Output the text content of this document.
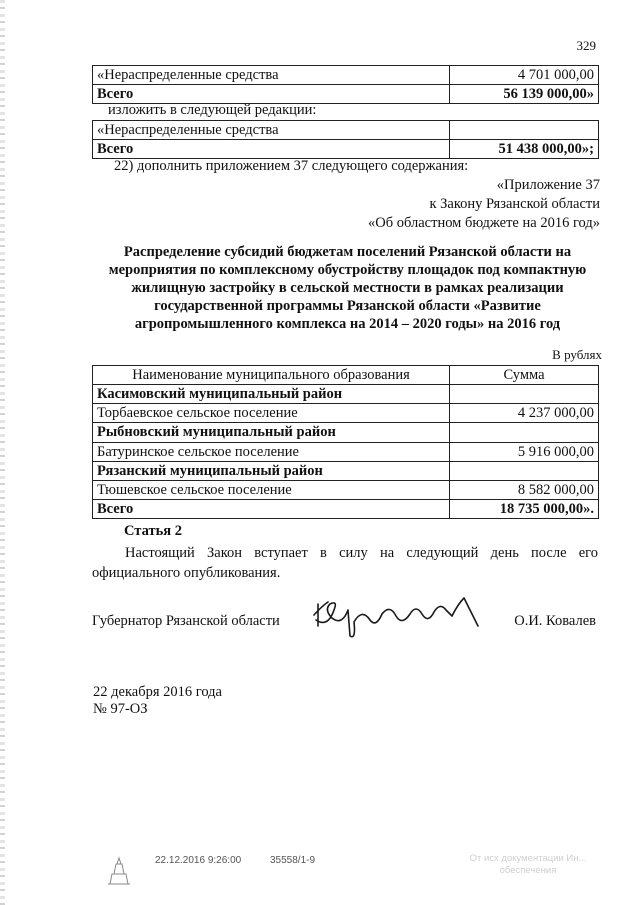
329
«Нераспределенные средства	4 701 000,00
Всего	56 139 000,00»
изложить в следующей редакции:
«Нераспределенные средства	
Всего	51 438 000,00»;
22) дополнить приложением 37 следующего содержания:
«Приложение 37
к Закону Рязанской области
«Об областном бюджете на 2016 год»
Распределение субсидий бюджетам поселений Рязанской области на
мероприятия по комплексному обустройству площадок под компактную
жилищную застройку в сельской местности в рамках реализации
государственной программы Рязанской области «Развитие
агропромышленного комплекса на 2014 – 2020 годы» на 2016 год
В рублях
Наименование муниципального образования	Сумма
Касимовский муниципальный район	
Торбаевское сельское поселение	4 237 000,00
Рыбновский муниципальный район	
Батуринское сельское поселение	5 916 000,00
Рязанский муниципальный район	
Тюшевское сельское поселение	8 582 000,00
Всего	18 735 000,00».
Статья 2
Настоящий Закон вступает в силу на следующий день после его официального опубликования.
Губернатор Рязанской области	О.И. Ковалев
22 декабря 2016 года
№ 97-ОЗ
22.12.2016 9:26:00	35558/1-9	От исх документации Ин...
обеспечения
